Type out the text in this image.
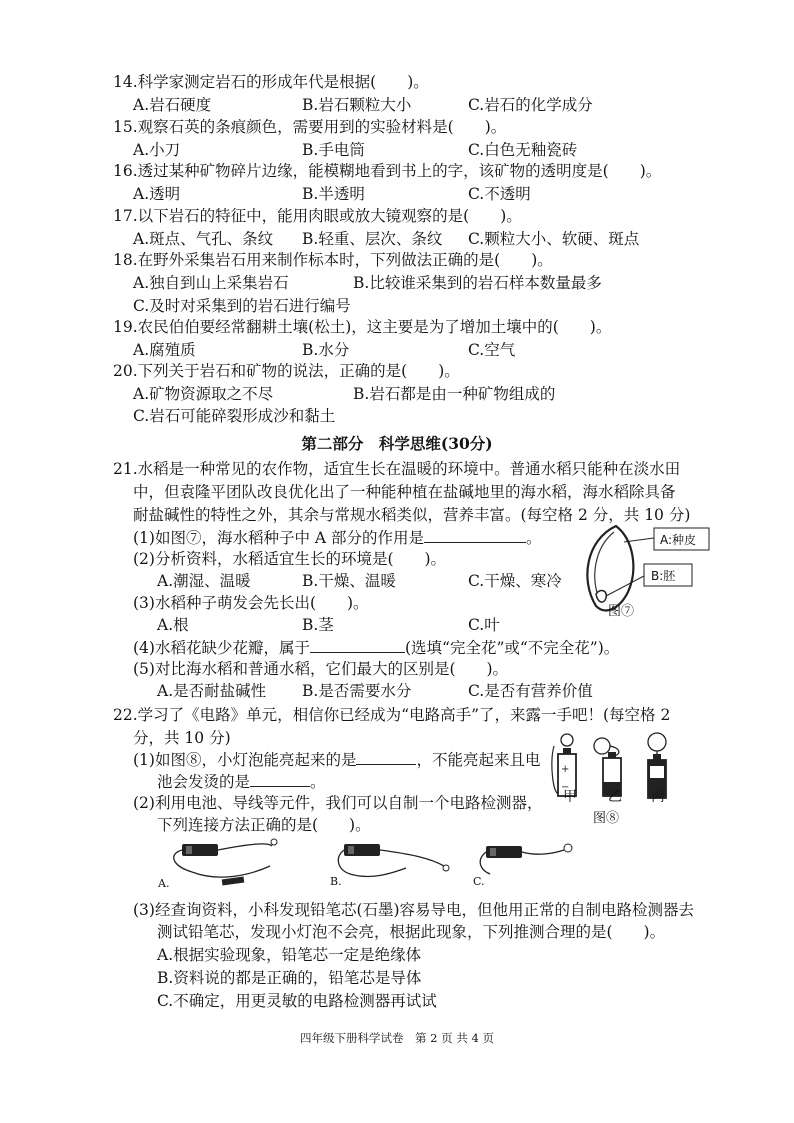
14.科学家测定岩石的形成年代是根据(　　)。
A.岩石硬度	B.岩石颗粒大小	C.岩石的化学成分
15.观察石英的条痕颜色，需要用到的实验材料是(　　)。
A.小刀	B.手电筒	C.白色无釉瓷砖
16.透过某种矿物碎片边缘，能模糊地看到书上的字，该矿物的透明度是(　　)。
A.透明	B.半透明	C.不透明
17.以下岩石的特征中，能用肉眼或放大镜观察的是(　　)。
A.斑点、气孔、条纹 B.轻重、层次、条纹 C.颗粒大小、软硬、斑点
18.在野外采集岩石用来制作标本时，下列做法正确的是(　　)。
A.独自到山上采集岩石	B.比较谁采集到的岩石样本数量最多
C.及时对采集到的岩石进行编号
19.农民伯伯要经常翻耕土壤(松土)，这主要是为了增加土壤中的(　　)。
A.腐殖质	B.水分	C.空气
20.下列关于岩石和矿物的说法，正确的是(　　)。
A.矿物资源取之不尽	B.岩石都是由一种矿物组成的
C.岩石可能碎裂形成沙和黏土
第二部分　科学思维(30分)
21.水稻是一种常见的农作物，适宜生长在温暖的环境中。普通水稻只能种在淡水田
中，但袁隆平团队改良优化出了一种能种植在盐碱地里的海水稻，海水稻除具备
耐盐碱性的特性之外，其余与常规水稻类似，营养丰富。(每空格 2 分，共 10 分)
(1)如图⑦，海水稻种子中 A 部分的作用是	。
(2)分析资料，水稻适宜生长的环境是(　　)。
A.潮湿、温暖	B.干燥、温暖	C.干燥、寒冷
(3)水稻种子萌发会先长出(　　)。
A.根	B.茎	C.叶
(4)水稻花缺少花瓣，属于	(选填“完全花”或“不完全花”)。
(5)对比海水稻和普通水稻，它们最大的区别是(　　)。
A.是否耐盐碱性 B.是否需要水分	C.是否有营养价值
A:种皮
B:胚
图⑦
22.学习了《电路》单元，相信你已经成为“电路高手”了，来露一手吧！(每空格 2
分，共 10 分)
(1)如图⑧，小灯泡能亮起来的是	，不能亮起来且电
池会发烫的是	。
(2)利用电池、导线等元件，我们可以自制一个电路检测器，
下列连接方法正确的是(　　)。
+
−
甲 乙 丙
图⑧
A.	B.	C.
(3)经查询资料，小科发现铅笔芯(石墨)容易导电，但他用正常的自制电路检测器去
测试铅笔芯，发现小灯泡不会亮，根据此现象，下列推测合理的是(　　)。
A.根据实验现象，铅笔芯一定是绝缘体
B.资料说的都是正确的，铅笔芯是导体
C.不确定，用更灵敏的电路检测器再试试
四年级下册科学试卷　第 2 页 共 4 页
